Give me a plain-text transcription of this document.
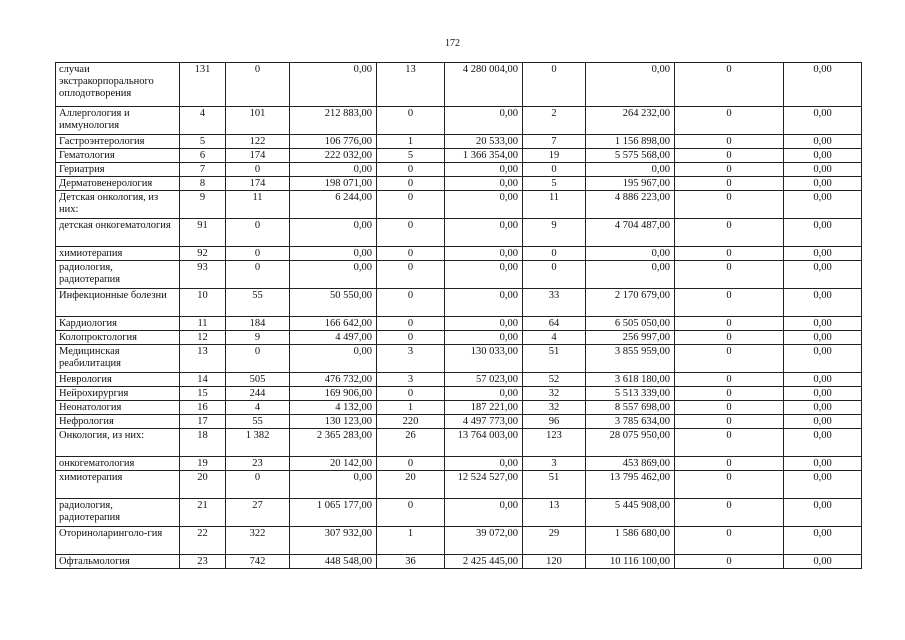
172
случаи экстракорпорального оплодотворения	131	0	0,00	13	4 280 004,00	0	0,00	0	0,00
Аллергология и иммунология	4	101	212 883,00	0	0,00	2	264 232,00	0	0,00
Гастроэнтерология	5	122	106 776,00	1	20 533,00	7	1 156 898,00	0	0,00
Гематология	6	174	222 032,00	5	1 366 354,00	19	5 575 568,00	0	0,00
Гериатрия	7	0	0,00	0	0,00	0	0,00	0	0,00
Дерматовенерология	8	174	198 071,00	0	0,00	5	195 967,00	0	0,00
Детская онкология, из них:	9	11	6 244,00	0	0,00	11	4 886 223,00	0	0,00
детская онкогематология	91	0	0,00	0	0,00	9	4 704 487,00	0	0,00
химиотерапия	92	0	0,00	0	0,00	0	0,00	0	0,00
радиология, радиотерапия	93	0	0,00	0	0,00	0	0,00	0	0,00
Инфекционные болезни	10	55	50 550,00	0	0,00	33	2 170 679,00	0	0,00
Кардиология	11	184	166 642,00	0	0,00	64	6 505 050,00	0	0,00
Колопроктология	12	9	4 497,00	0	0,00	4	256 997,00	0	0,00
Медицинская реабилитация	13	0	0,00	3	130 033,00	51	3 855 959,00	0	0,00
Неврология	14	505	476 732,00	3	57 023,00	52	3 618 180,00	0	0,00
Нейрохирургия	15	244	169 906,00	0	0,00	32	5 513 339,00	0	0,00
Неонатология	16	4	4 132,00	1	187 221,00	32	8 557 698,00	0	0,00
Нефрология	17	55	130 123,00	220	4 497 773,00	96	3 785 634,00	0	0,00
Онкология, из них:	18	1 382	2 365 283,00	26	13 764 003,00	123	28 075 950,00	0	0,00
онкогематология	19	23	20 142,00	0	0,00	3	453 869,00	0	0,00
химиотерапия	20	0	0,00	20	12 524 527,00	51	13 795 462,00	0	0,00
радиология, радиотерапия	21	27	1 065 177,00	0	0,00	13	5 445 908,00	0	0,00
Оториноларинголо-гия	22	322	307 932,00	1	39 072,00	29	1 586 680,00	0	0,00
Офтальмология	23	742	448 548,00	36	2 425 445,00	120	10 116 100,00	0	0,00
